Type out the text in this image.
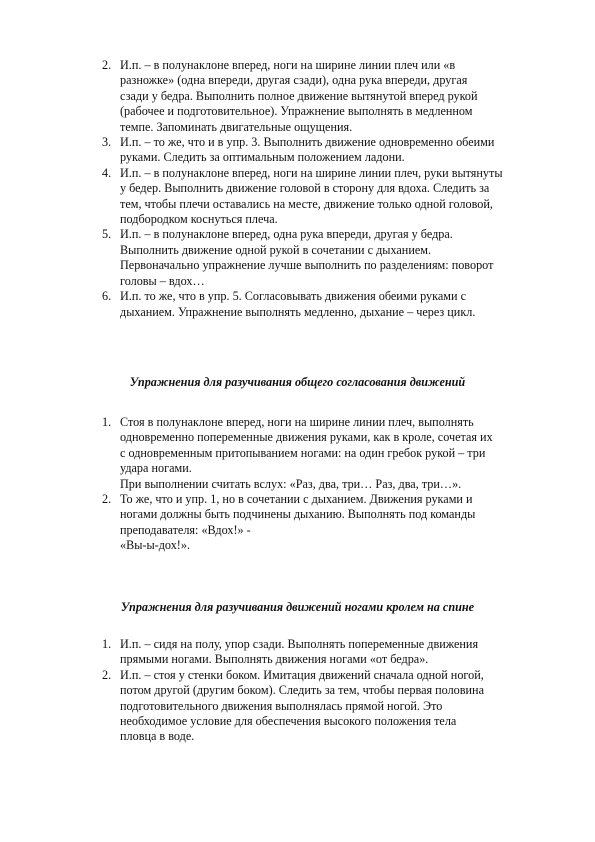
2. И.п. – в полунаклоне вперед, ноги на ширине линии плеч или «в
разножке» (одна впереди, другая сзади), одна рука впереди, другая
сзади у бедра. Выполнить полное движение вытянутой вперед рукой
(рабочее и подготовительное). Упражнение выполнять в медленном
темпе. Запоминать двигательные ощущения.
3. И.п. – то же, что и в упр. 3. Выполнить движение одновременно обеими
руками. Следить за оптимальным положением ладони.
4. И.п. – в полунаклоне вперед, ноги на ширине линии плеч, руки вытянуты
у бедер. Выполнить движение головой в сторону для вдоха. Следить за
тем, чтобы плечи оставались на месте, движение только одной головой,
подбородком коснуться плеча.
5. И.п. – в полунаклоне вперед, одна рука впереди, другая у бедра.
Выполнить движение одной рукой в сочетании с дыханием.
Первоначально упражнение лучше выполнить по разделениям: поворот
головы – вдох…
6. И.п. то же, что в упр. 5. Согласовывать движения обеими руками с
дыханием. Упражнение выполнять медленно, дыхание – через цикл.
Упражнения для разучивания общего согласования движений
1. Стоя в полунаклоне вперед, ноги на ширине линии плеч, выполнять
одновременно попеременные движения руками, как в кроле, сочетая их
с одновременным притопыванием ногами: на один гребок рукой – три
удара ногами.
При выполнении считать вслух: «Раз, два, три… Раз, два, три…».
2. То же, что и упр. 1, но в сочетании с дыханием. Движения руками и
ногами должны быть подчинены дыханию. Выполнять под команды
преподавателя: «Вдох!» -
«Вы-ы-дох!».
Упражнения для разучивания движений ногами кролем на спине
1. И.п. – сидя на полу, упор сзади. Выполнять попеременные движения
прямыми ногами. Выполнять движения ногами «от бедра».
2. И.п. – стоя у стенки боком. Имитация движений сначала одной ногой,
потом другой (другим боком). Следить за тем, чтобы первая половина
подготовительного движения выполнялась прямой ногой. Это
необходимое условие для обеспечения высокого положения тела
пловца в воде.
